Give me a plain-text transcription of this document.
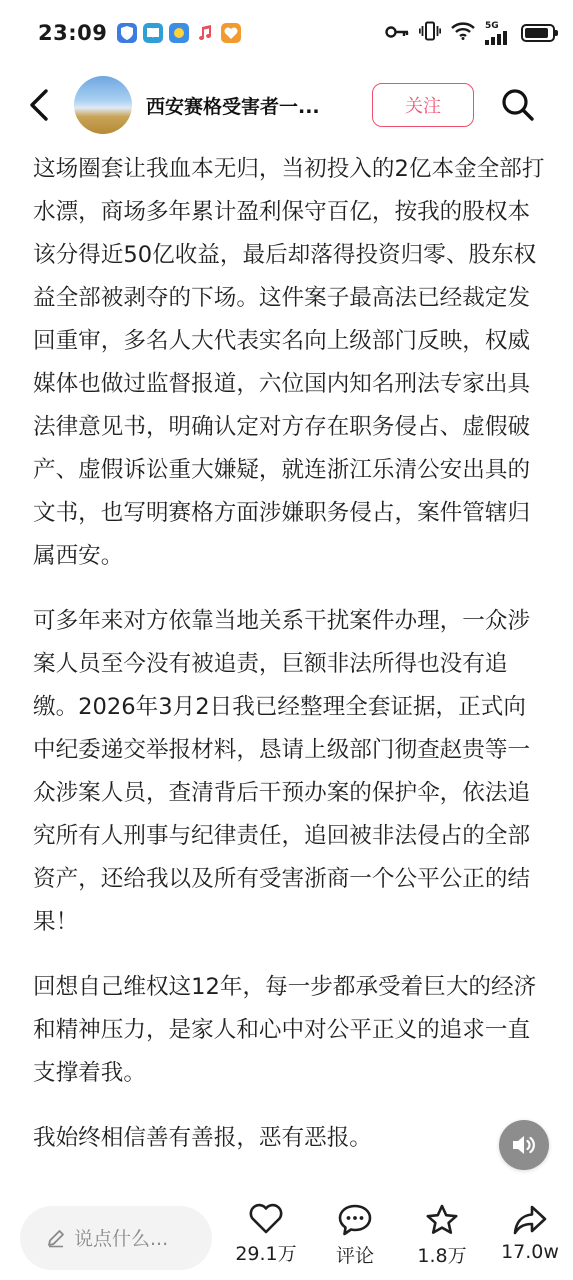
23:09	5G
西安赛格受害者一...	关注

这场圈套让我血本无归，当初投入的2亿本金全部打水漂，商场多年累计盈利保守百亿，按我的股权本该分得近50亿收益，最后却落得投资归零、股东权益全部被剥夺的下场。这件案子最高法已经裁定发回重审，多名人大代表实名向上级部门反映，权威媒体也做过监督报道，六位国内知名刑法专家出具法律意见书，明确认定对方存在职务侵占、虚假破产、虚假诉讼重大嫌疑，就连浙江乐清公安出具的文书，也写明赛格方面涉嫌职务侵占，案件管辖归属西安。

可多年来对方依靠当地关系干扰案件办理，一众涉案人员至今没有被追责，巨额非法所得也没有追缴。2026年3月2日我已经整理全套证据，正式向中纪委递交举报材料，恳请上级部门彻查赵贵等一众涉案人员，查清背后干预办案的保护伞，依法追究所有人刑事与纪律责任，追回被非法侵占的全部资产，还给我以及所有受害浙商一个公平公正的结果！

回想自己维权这12年，每一步都承受着巨大的经济和精神压力，是家人和心中对公平正义的追求一直支撑着我。

我始终相信善有善报，恶有恶报。

说点什么...
29.1万 评论 1.8万 17.0w
